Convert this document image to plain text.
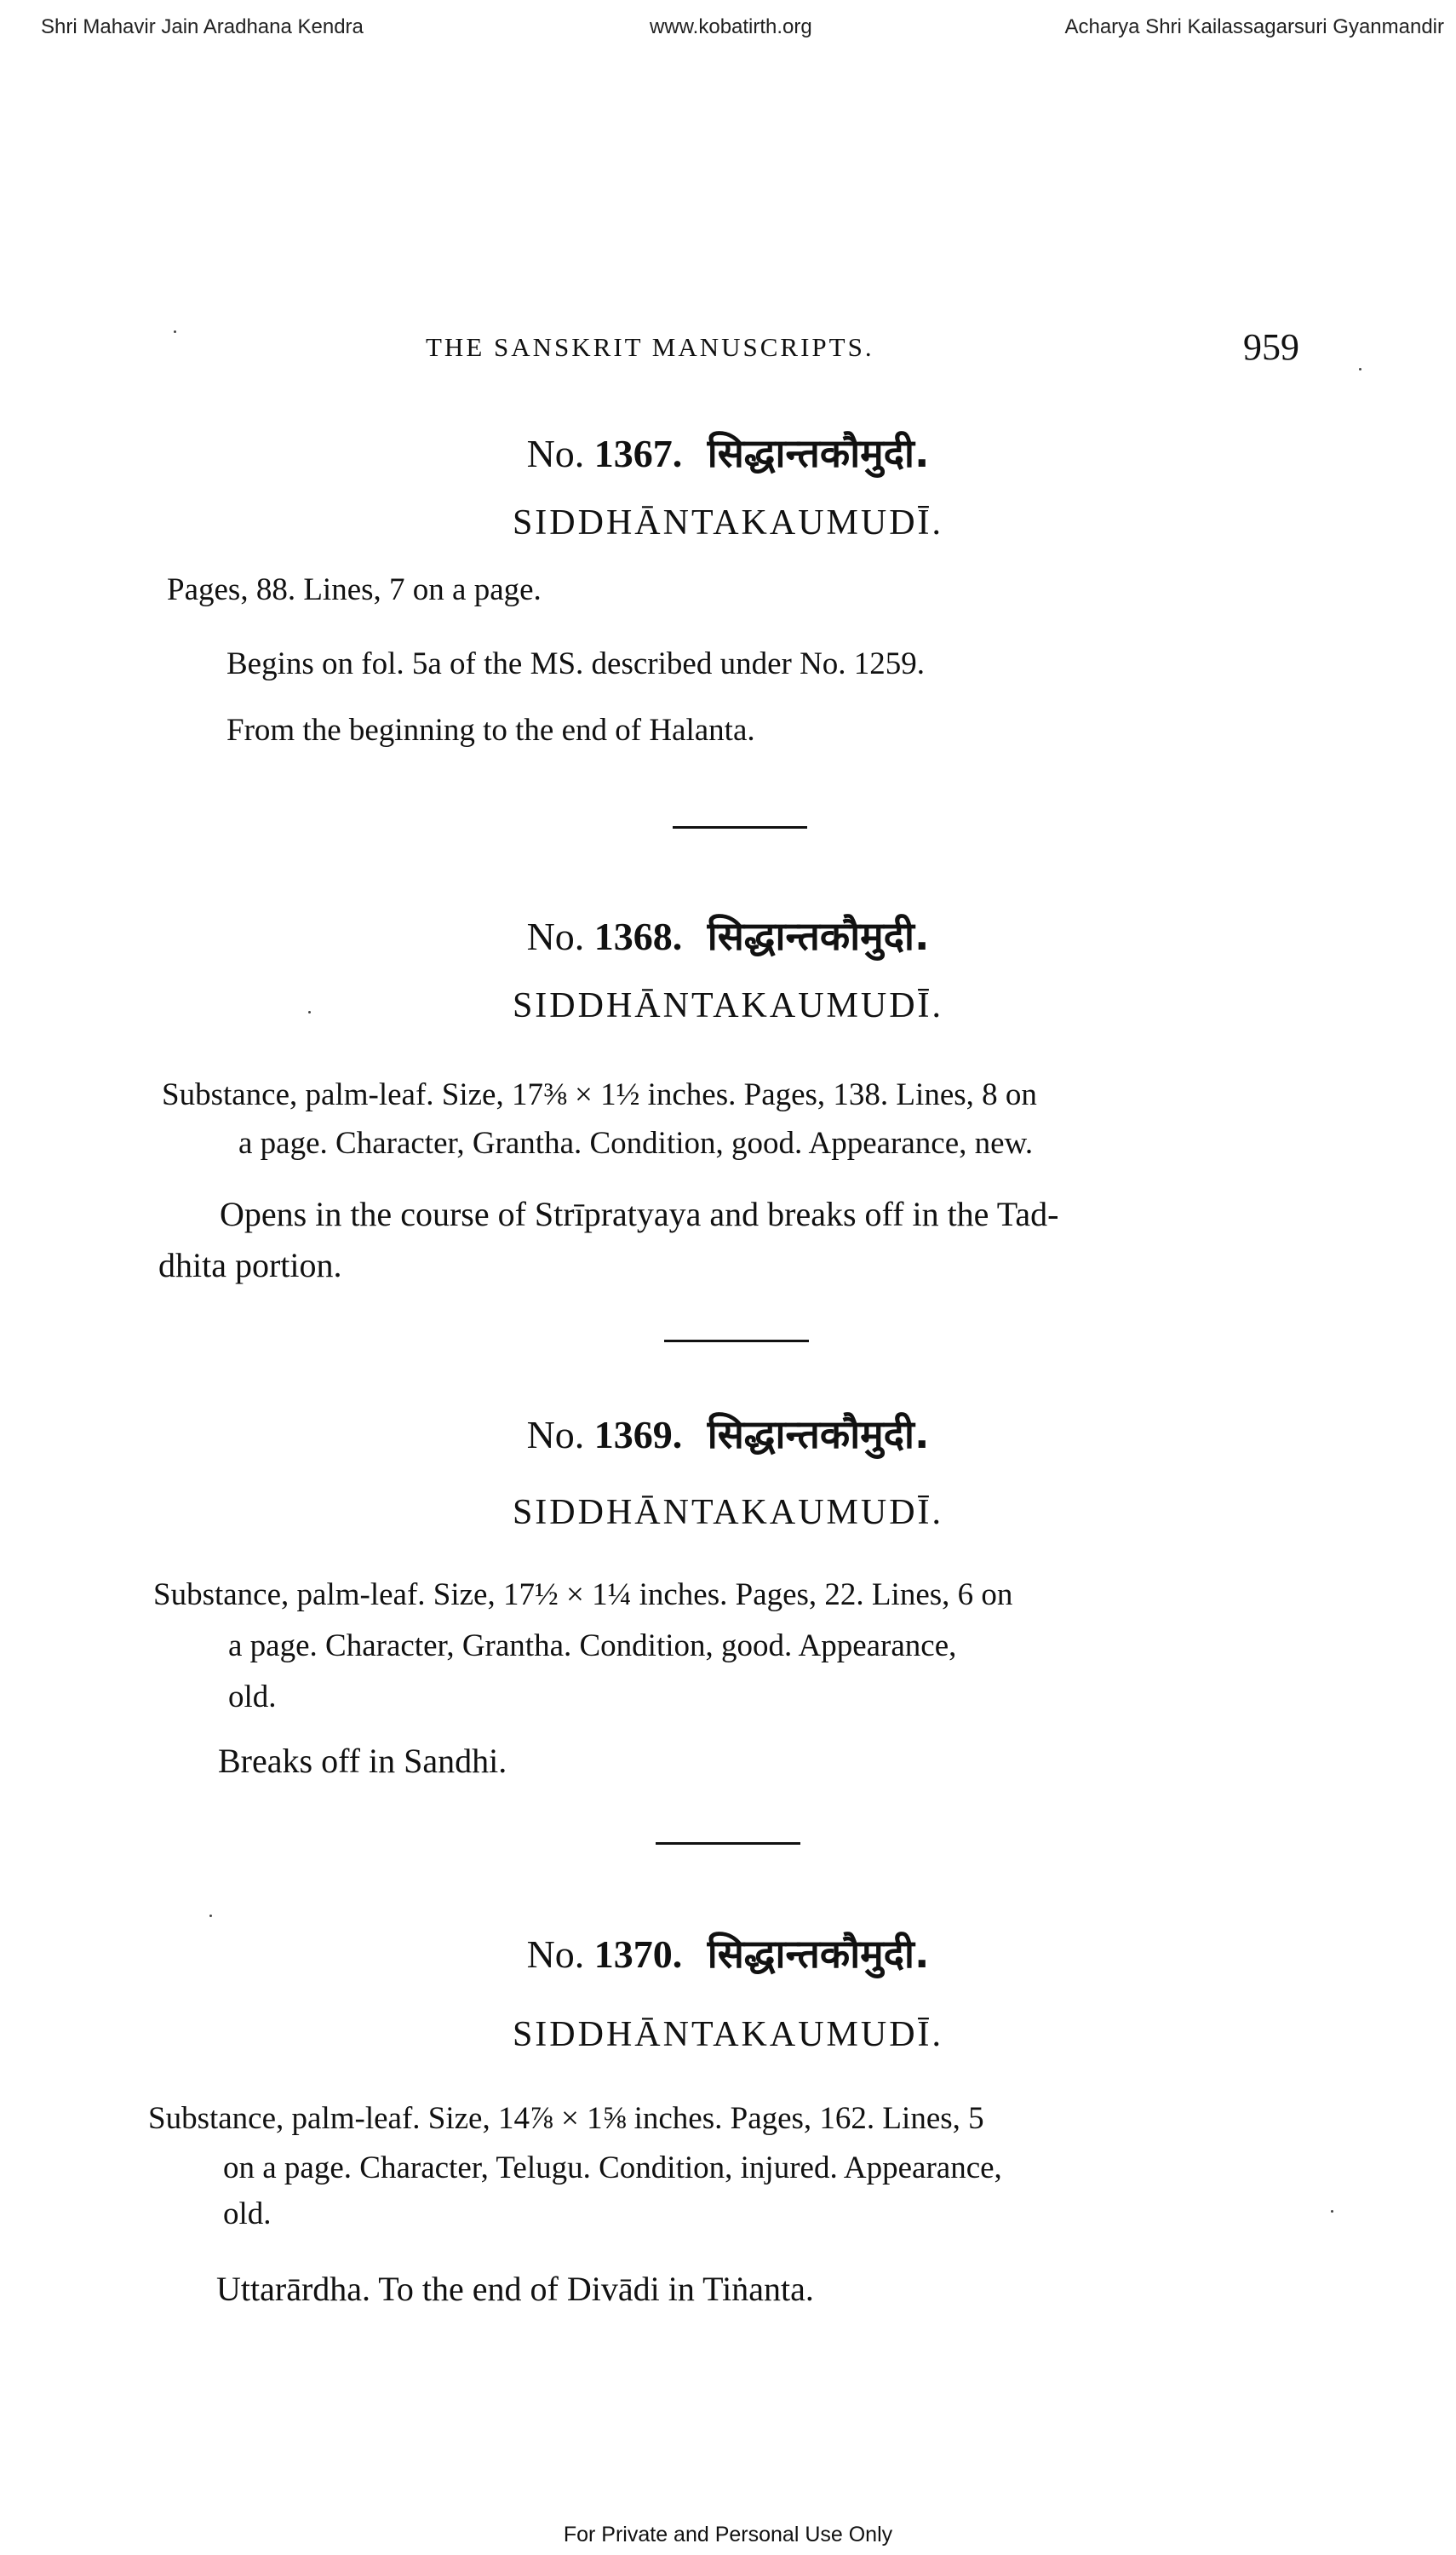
Shri Mahavir Jain Aradhana Kendra	www.kobatirth.org	Acharya Shri Kailassagarsuri Gyanmandir
THE SANSKRIT MANUSCRIPTS.	959
No. 1367. सिद्धान्तकौमुदी.
SIDDHĀNTAKAUMUDĪ.
Pages, 88. Lines, 7 on a page.
Begins on fol. 5a of the MS. described under No. 1259.
From the beginning to the end of Halanta.
No. 1368. सिद्धान्तकौमुदी.
SIDDHĀNTAKAUMUDĪ.
Substance, palm-leaf. Size, 17⅜ × 1½ inches. Pages, 138. Lines, 8 on
a page. Character, Grantha. Condition, good. Appearance, new.
Opens in the course of Strīpratyaya and breaks off in the Tad-
dhita portion.
No. 1369. सिद्धान्तकौमुदी.
SIDDHĀNTAKAUMUDĪ.
Substance, palm-leaf. Size, 17½ × 1¼ inches. Pages, 22. Lines, 6 on
a page. Character, Grantha. Condition, good. Appearance,
old.
Breaks off in Sandhi.
No. 1370. सिद्धान्तकौमुदी.
SIDDHĀNTAKAUMUDĪ.
Substance, palm-leaf. Size, 14⅞ × 1⅝ inches. Pages, 162. Lines, 5
on a page. Character, Telugu. Condition, injured. Appearance,
old.
Uttarārdha. To the end of Divādi in Tiṅanta.
For Private and Personal Use Only
